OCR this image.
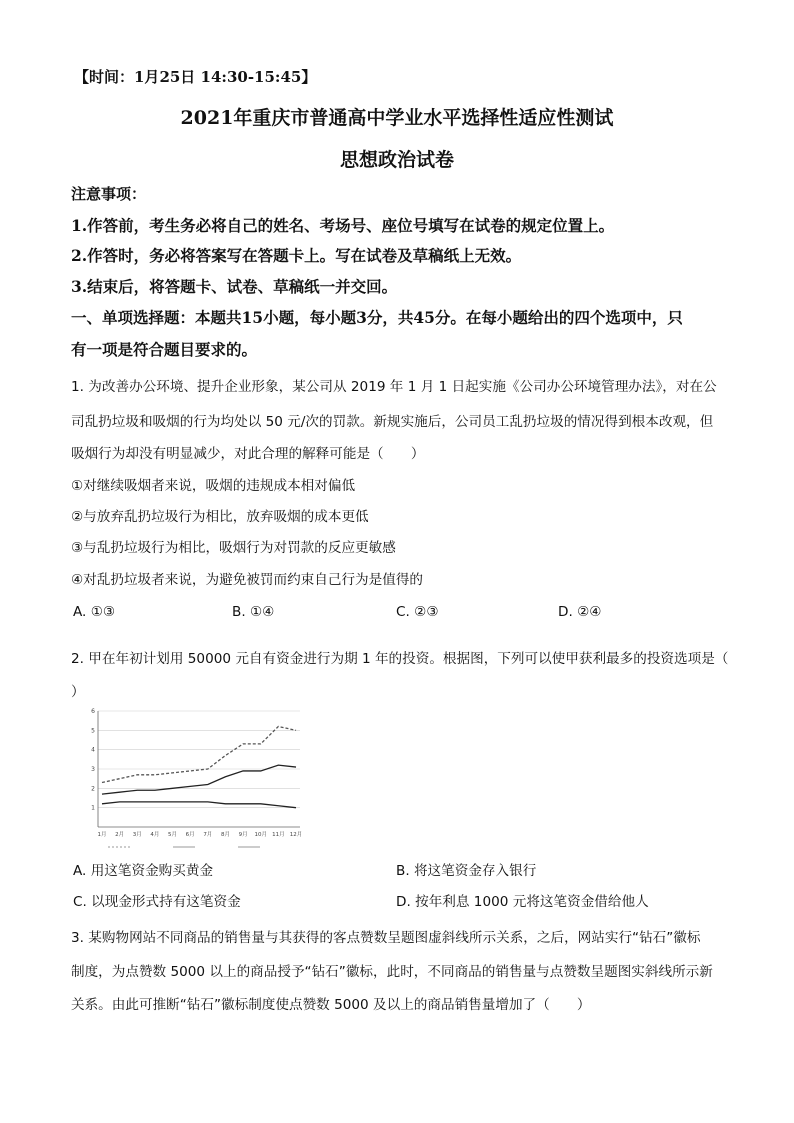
【时间：1月25日 14:30-15:45】
2021年重庆市普通高中学业水平选择性适应性测试
思想政治试卷
注意事项：
1.作答前，考生务必将自己的姓名、考场号、座位号填写在试卷的规定位置上。
2.作答时，务必将答案写在答题卡上。写在试卷及草稿纸上无效。
3.结束后，将答题卡、试卷、草稿纸一并交回。
一、单项选择题：本题共15小题，每小题3分，共45分。在每小题给出的四个选项中，只
有一项是符合题目要求的。
1. 为改善办公环境、提升企业形象，某公司从 2019 年 1 月 1 日起实施《公司办公环境管理办法》，对在公
司乱扔垃圾和吸烟的行为均处以 50 元/次的罚款。新规实施后，公司员工乱扔垃圾的情况得到根本改观，但
吸烟行为却没有明显减少，对此合理的解释可能是（　　）
①对继续吸烟者来说，吸烟的违规成本相对偏低
②与放弃乱扔垃圾行为相比，放弃吸烟的成本更低
③与乱扔垃圾行为相比，吸烟行为对罚款的反应更敏感
④对乱扔垃圾者来说，为避免被罚而约束自己行为是值得的
A. ①③	B. ①④	C. ②③	D. ②④
2. 甲在年初计划用 50000 元自有资金进行为期 1 年的投资。根据图，下列可以使甲获利最多的投资选项是（
）
1
2
3
4
5
6
1月 2月 3月 4月 5月 6月 7月 8月 9月 10月 11月 12月
A. 用这笔资金购买黄金	B. 将这笔资金存入银行
C. 以现金形式持有这笔资金	D. 按年利息 1000 元将这笔资金借给他人
3. 某购物网站不同商品的销售量与其获得的客点赞数呈题图虚斜线所示关系，之后，网站实行“钻石”徽标
制度，为点赞数 5000 以上的商品授予“钻石”徽标，此时，不同商品的销售量与点赞数呈题图实斜线所示新
关系。由此可推断“钻石”徽标制度使点赞数 5000 及以上的商品销售量增加了（　　）
